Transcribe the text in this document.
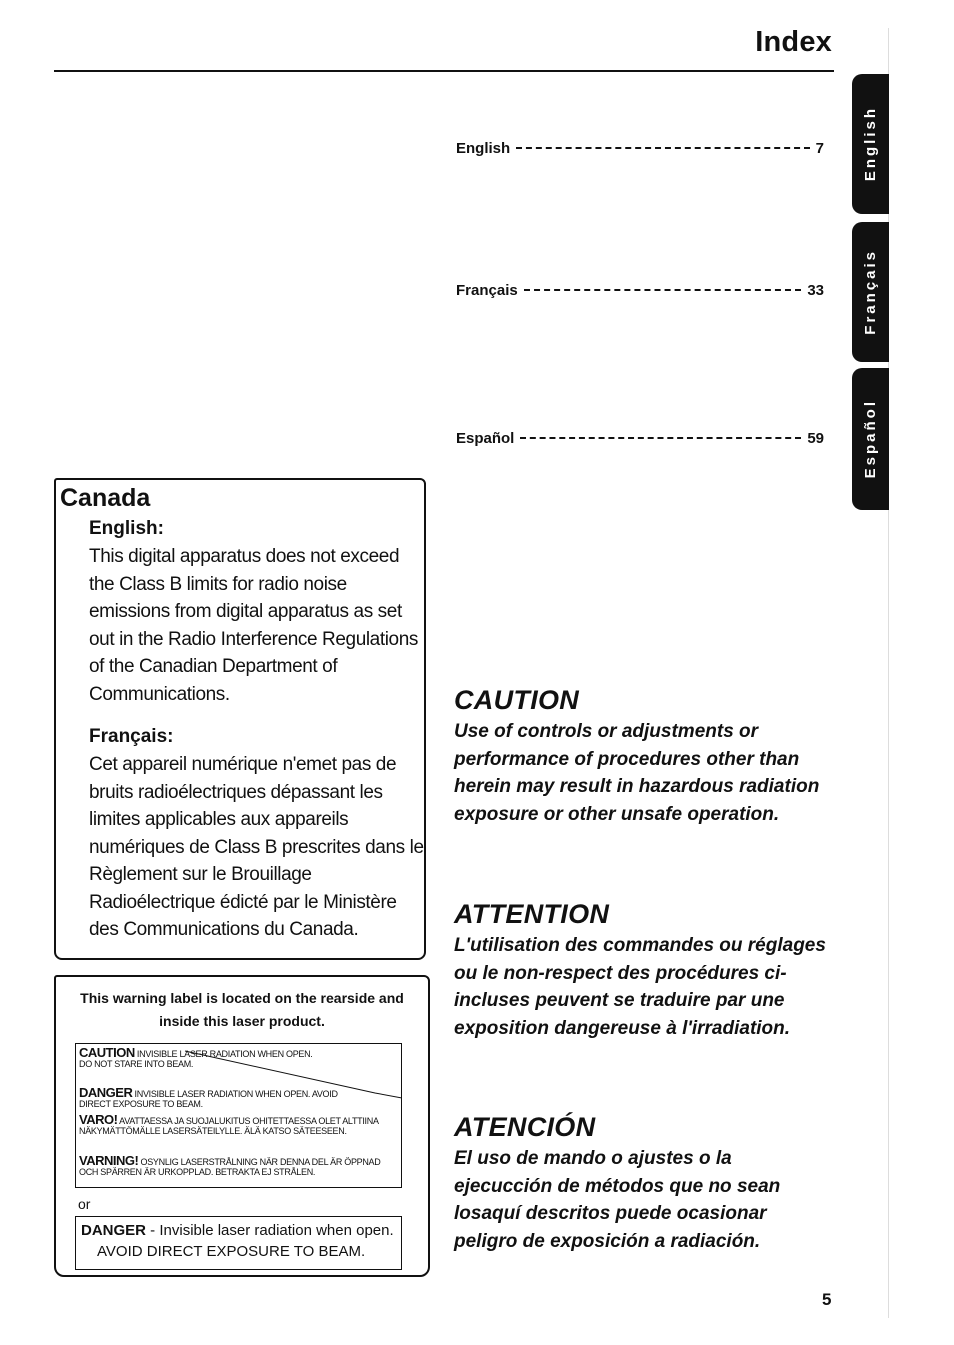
Index
English	7
Français	33
Español	59
English
Français
Español
Canada
English:
This digital apparatus does not exceed the Class B limits for radio noise emissions from digital apparatus as set out in the Radio Interference Regulations of the Canadian Department of Communications.
Français:
Cet appareil numérique n'emet pas de bruits radioélectriques dépassant les limites applicables aux appareils numériques de Class B prescrites dans le Règlement sur le Brouillage Radioélectrique édicté par le Ministère des Communications du Canada.
This warning label is located on the rearside and inside this laser product.
CAUTION INVISIBLE LASER RADIATION WHEN OPEN. DO NOT STARE INTO BEAM.
DANGER INVISIBLE LASER RADIATION WHEN OPEN. AVOID DIRECT EXPOSURE TO BEAM.
VARO! AVATTAESSA JA SUOJALUKITUS OHITETTAESSA OLET ALTTIINA NÄKYMÄTTÖMÄLLE LASERSÄTEILYLLE. ÄLÄ KATSO SÄTEESEEN.
VARNING! OSYNLIG LASERSTRÅLNING NÄR DENNA DEL ÄR ÖPPNAD OCH SPÄRREN ÄR URKOPPLAD. BETRAKTA EJ STRÅLEN.
or
DANGER - Invisible laser radiation when open.
AVOID DIRECT EXPOSURE TO BEAM.
CAUTION
Use of controls or adjustments or performance of procedures other than herein may result in hazardous radiation exposure or other unsafe operation.
ATTENTION
L'utilisation des commandes ou réglages ou le non-respect des procédures ci-incluses peuvent se traduire par une exposition dangereuse à l'irradiation.
ATENCIÓN
El uso de mando o ajustes o la ejecucción de métodos que no sean losaquí descritos puede ocasionar peligro de exposición a radiación.
5
